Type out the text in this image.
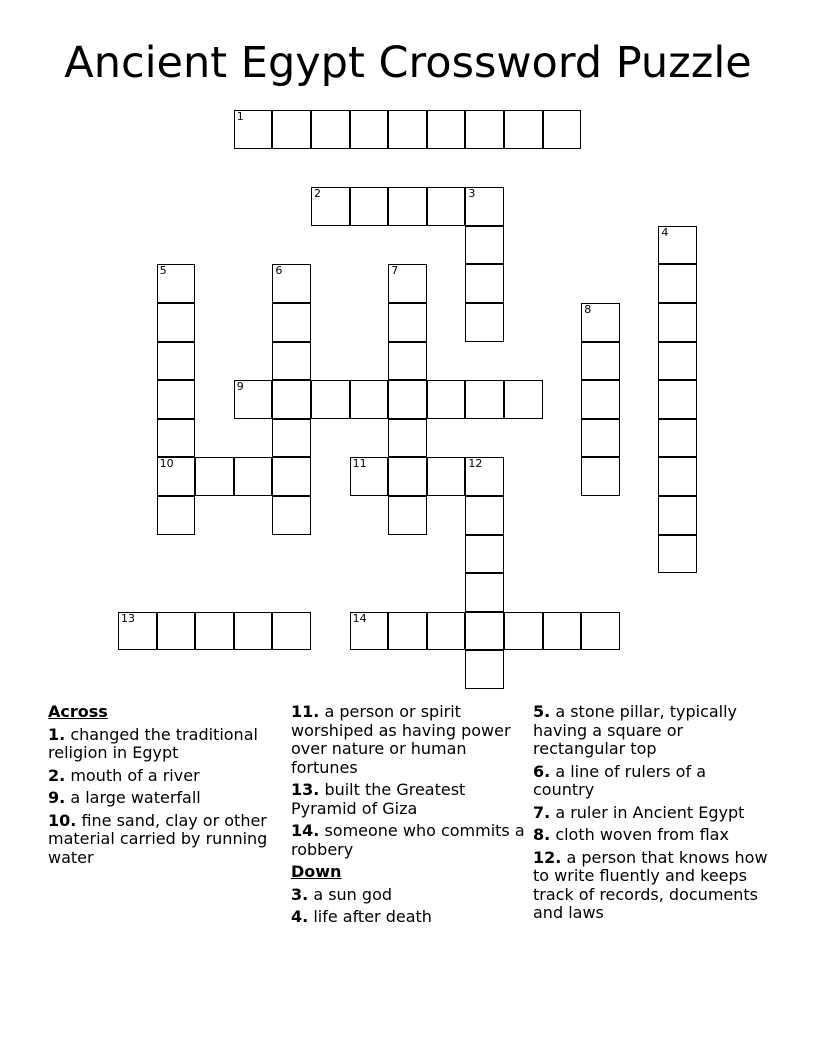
Ancient Egypt Crossword Puzzle
1
2	3
4
5
10
6	7
8
9
11	12
13	14
Across
1. changed the traditional religion in Egypt
2. mouth of a river
9. a large waterfall
10. fine sand, clay or other material carried by running water
11. a person or spirit worshiped as having power over nature or human fortunes
13. built the Greatest Pyramid of Giza
14. someone who commits a robbery
Down
3. a sun god
4. life after death
5. a stone pillar, typically having a square or rectangular top
6. a line of rulers of a country
7. a ruler in Ancient Egypt
8. cloth woven from flax
12. a person that knows how to write fluently and keeps track of records, documents and laws
